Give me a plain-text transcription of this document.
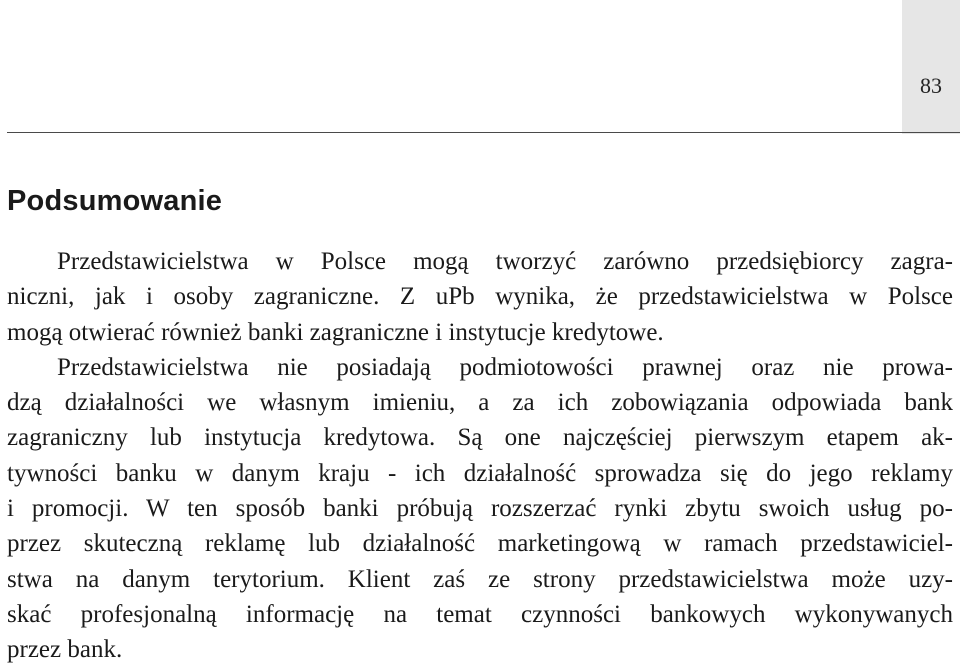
83
Podsumowanie
Przedstawicielstwa w Polsce mogą tworzyć zarówno przedsiębiorcy zagra-
niczni, jak i osoby zagraniczne. Z uPb wynika, że przedstawicielstwa w Polsce
mogą otwierać również banki zagraniczne i instytucje kredytowe.
Przedstawicielstwa nie posiadają podmiotowości prawnej oraz nie prowa-
dzą działalności we własnym imieniu, a za ich zobowiązania odpowiada bank
zagraniczny lub instytucja kredytowa. Są one najczęściej pierwszym etapem ak-
tywności banku w danym kraju - ich działalność sprowadza się do jego reklamy
i promocji. W ten sposób banki próbują rozszerzać rynki zbytu swoich usług po-
przez skuteczną reklamę lub działalność marketingową w ramach przedstawiciel-
stwa na danym terytorium. Klient zaś ze strony przedstawicielstwa może uzy-
skać profesjonalną informację na temat czynności bankowych wykonywanych
przez bank.
